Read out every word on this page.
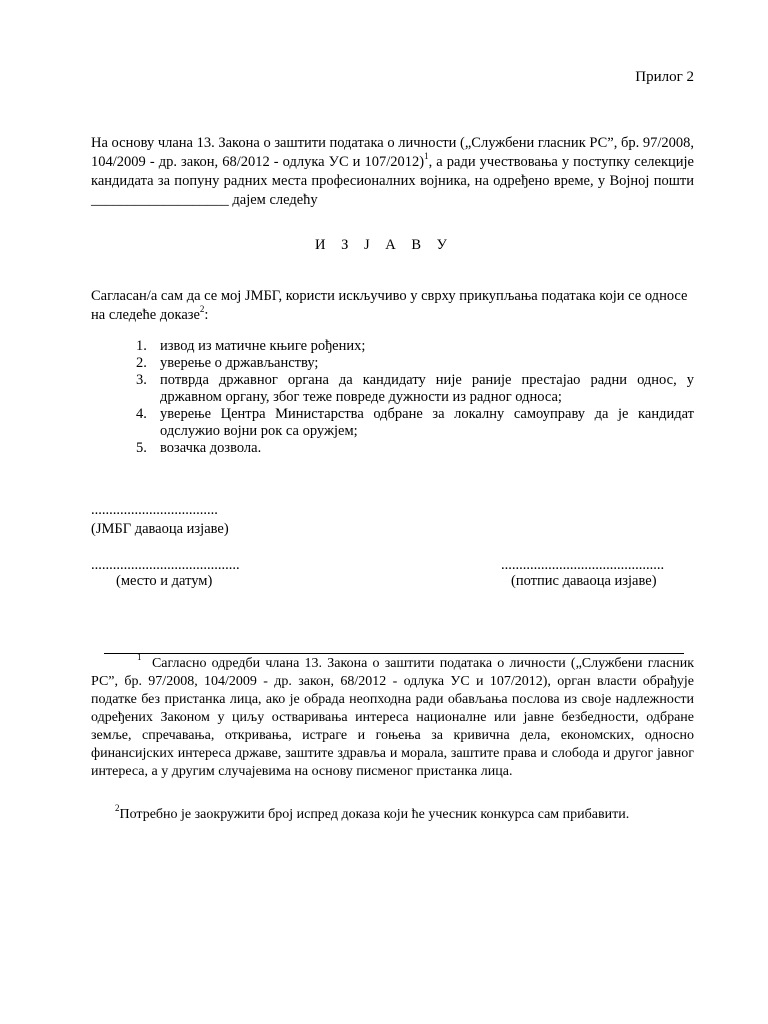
Прилог 2
На основу члана 13. Закона о заштити података о личности („Службени гласник РС”, бр. 97/2008, 104/2009 - др. закон, 68/2012 - одлука УС и 107/2012)$^1$, а ради учествовања у поступку селекције кандидата за попуну радних места професионалних војника, на одређено време, у Војној пошти ___________________ дајем следећу
И З Ј А В У
Сагласан/а сам да се мој ЈМБГ, користи искључиво у сврху прикупљања података који се односе на следеће доказе$^2$:
1. извод из матичне књиге рођених;
2. уверење о држављанству;
3. потврда државног органа да кандидату није раније престајао радни однос, у државном органу, због теже повреде дужности из радног односа;
4. уверење Центра Министарства одбране за локалну самоуправу да је кандидат одслужио војни рок са оружјем;
5. возачка дозвола.
...................................
(ЈМБГ даваоца изјаве)
.........................................
(место и датум)
.............................................
(потпис даваоца изјаве)
$^1$ Сагласно одредби члана 13. Закона о заштити података о личности („Службени гласник РС”, бр. 97/2008, 104/2009 - др. закон, 68/2012 - одлука УС и 107/2012), орган власти обрађује податке без пристанка лица, ако је обрада неопходна ради обављања послова из своје надлежности одређених Законом у циљу остваривања интереса националне или јавне безбедности, одбране земље, спречавања, откривања, истраге и гоњења за кривична дела, економских, односно финансијских интереса државе, заштите здравља и морала, заштите права и слобода и другог јавног интереса, а у другим случајевима на основу писменог пристанка лица.
$^2$Потребно је заокружити број испред доказа који ће учесник конкурса сам прибавити.
